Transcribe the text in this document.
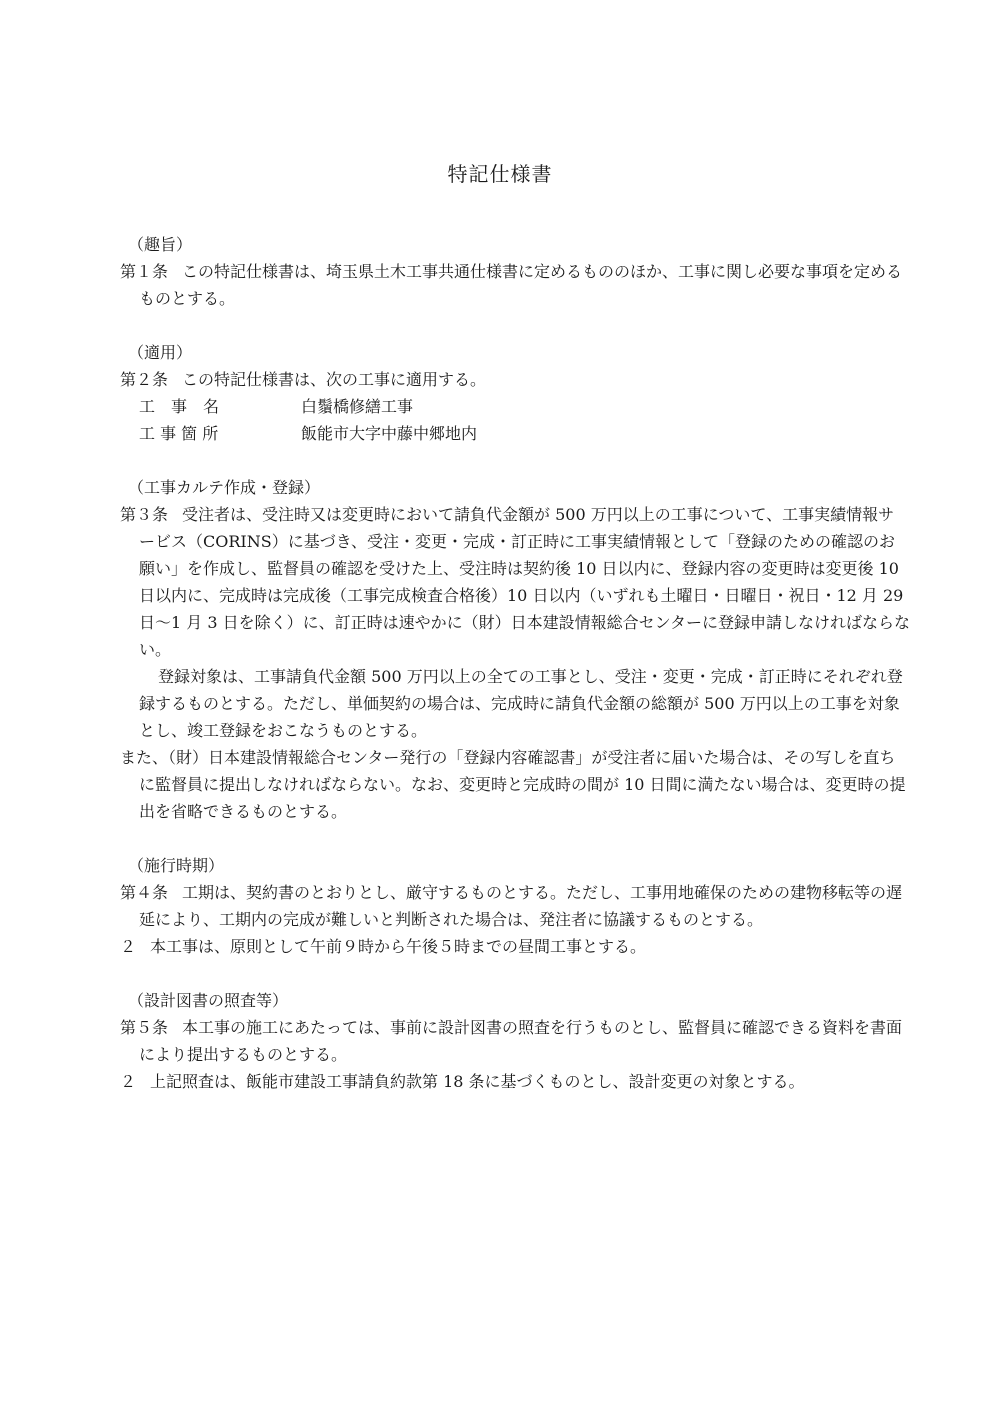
特記仕様書
（趣旨）
第１条 この特記仕様書は、埼玉県土木工事共通仕様書に定めるもののほか、工事に関し必要な事項を定めるものとする。
（適用）
第２条 この特記仕様書は、次の工事に適用する。
工　事　名	白鬚橋修繕工事
工 事 箇 所	飯能市大字中藤中郷地内
（工事カルテ作成・登録）
第３条 受注者は、受注時又は変更時において請負代金額が 500 万円以上の工事について、工事実績情報サービス（CORINS）に基づき、受注・変更・完成・訂正時に工事実績情報として「登録のための確認のお願い」を作成し、監督員の確認を受けた上、受注時は契約後 10 日以内に、登録内容の変更時は変更後 10 日以内に、完成時は完成後（工事完成検査合格後）10 日以内（いずれも土曜日・日曜日・祝日・12 月 29 日〜1 月 3 日を除く）に、訂正時は速やかに（財）日本建設情報総合センターに登録申請しなければならない。
登録対象は、工事請負代金額 500 万円以上の全ての工事とし、受注・変更・完成・訂正時にそれぞれ登録するものとする。ただし、単価契約の場合は、完成時に請負代金額の総額が 500 万円以上の工事を対象とし、竣工登録をおこなうものとする。
また、（財）日本建設情報総合センター発行の「登録内容確認書」が受注者に届いた場合は、その写しを直ちに監督員に提出しなければならない。なお、変更時と完成時の間が 10 日間に満たない場合は、変更時の提出を省略できるものとする。
（施行時期）
第４条 工期は、契約書のとおりとし、厳守するものとする。ただし、工事用地確保のための建物移転等の遅延により、工期内の完成が難しいと判断された場合は、発注者に協議するものとする。
２ 本工事は、原則として午前９時から午後５時までの昼間工事とする。
（設計図書の照査等）
第５条 本工事の施工にあたっては、事前に設計図書の照査を行うものとし、監督員に確認できる資料を書面により提出するものとする。
２ 上記照査は、飯能市建設工事請負約款第 18 条に基づくものとし、設計変更の対象とする。
